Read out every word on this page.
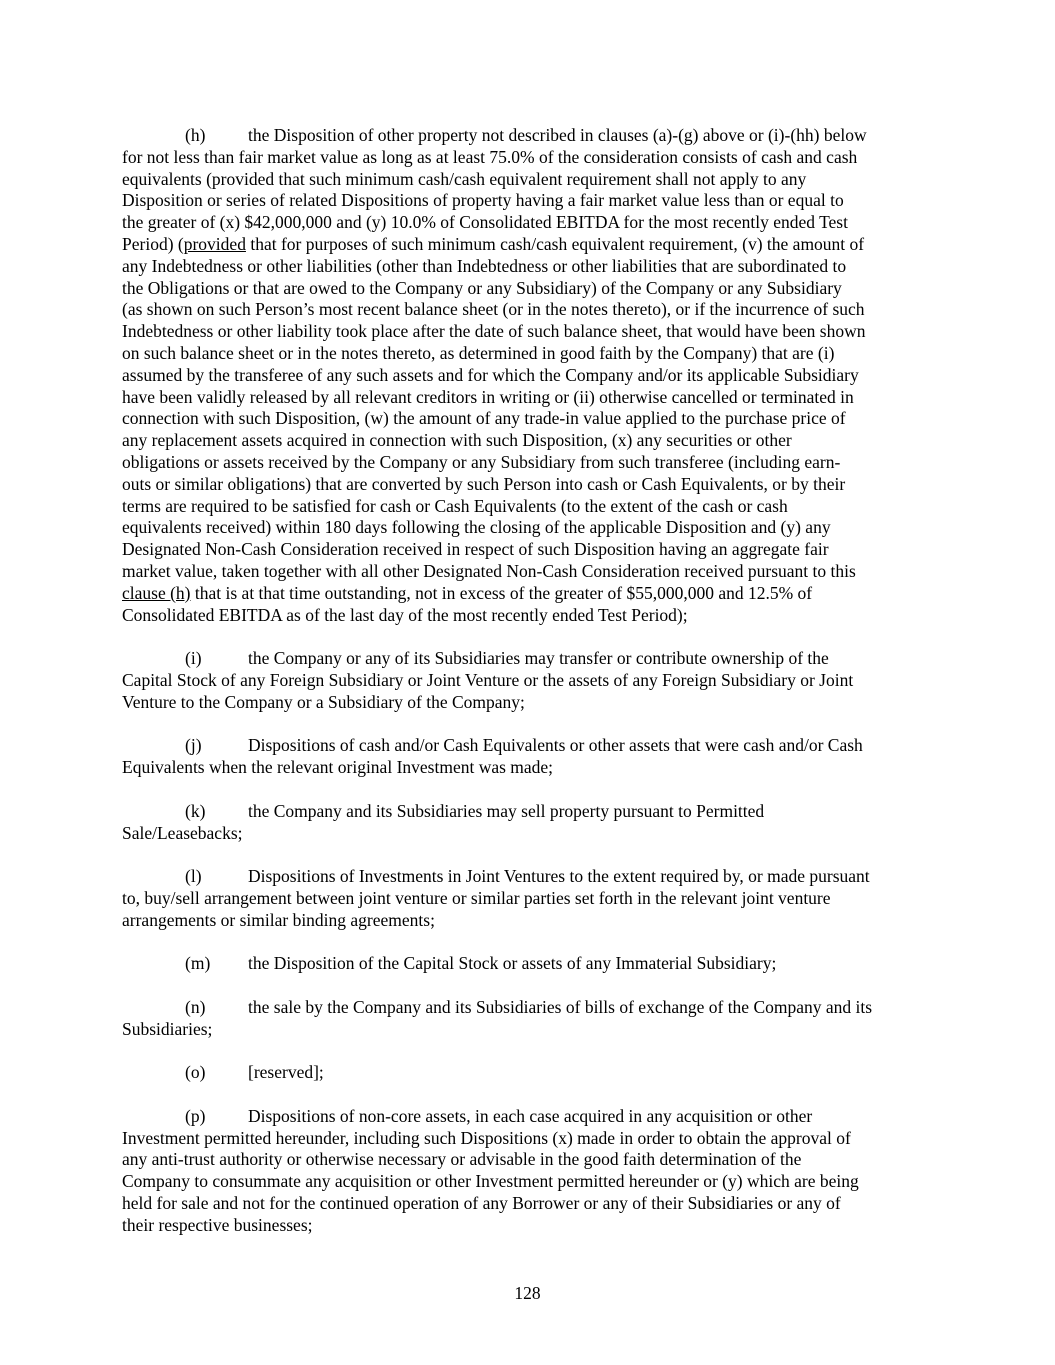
(h) the Disposition of other property not described in clauses (a)-(g) above or (i)-(hh) below
for not less than fair market value as long as at least 75.0% of the consideration consists of cash and cash
equivalents (provided that such minimum cash/cash equivalent requirement shall not apply to any
Disposition or series of related Dispositions of property having a fair market value less than or equal to
the greater of (x) $42,000,000 and (y) 10.0% of Consolidated EBITDA for the most recently ended Test
Period) (provided that for purposes of such minimum cash/cash equivalent requirement, (v) the amount of
any Indebtedness or other liabilities (other than Indebtedness or other liabilities that are subordinated to
the Obligations or that are owed to the Company or any Subsidiary) of the Company or any Subsidiary
(as shown on such Person’s most recent balance sheet (or in the notes thereto), or if the incurrence of such
Indebtedness or other liability took place after the date of such balance sheet, that would have been shown
on such balance sheet or in the notes thereto, as determined in good faith by the Company) that are (i)
assumed by the transferee of any such assets and for which the Company and/or its applicable Subsidiary
have been validly released by all relevant creditors in writing or (ii) otherwise cancelled or terminated in
connection with such Disposition, (w) the amount of any trade-in value applied to the purchase price of
any replacement assets acquired in connection with such Disposition, (x) any securities or other
obligations or assets received by the Company or any Subsidiary from such transferee (including earn-
outs or similar obligations) that are converted by such Person into cash or Cash Equivalents, or by their
terms are required to be satisfied for cash or Cash Equivalents (to the extent of the cash or cash
equivalents received) within 180 days following the closing of the applicable Disposition and (y) any
Designated Non-Cash Consideration received in respect of such Disposition having an aggregate fair
market value, taken together with all other Designated Non-Cash Consideration received pursuant to this
clause (h) that is at that time outstanding, not in excess of the greater of $55,000,000 and 12.5% of
Consolidated EBITDA as of the last day of the most recently ended Test Period);
(i)	the Company or any of its Subsidiaries may transfer or contribute ownership of the
Capital Stock of any Foreign Subsidiary or Joint Venture or the assets of any Foreign Subsidiary or Joint
Venture to the Company or a Subsidiary of the Company;
(j)	Dispositions of cash and/or Cash Equivalents or other assets that were cash and/or Cash
Equivalents when the relevant original Investment was made;
(k) the Company and its Subsidiaries may sell property pursuant to Permitted
Sale/Leasebacks;
(l)	Dispositions of Investments in Joint Ventures to the extent required by, or made pursuant
to, buy/sell arrangement between joint venture or similar parties set forth in the relevant joint venture
arrangements or similar binding agreements;
(m) the Disposition of the Capital Stock or assets of any Immaterial Subsidiary;
(n) the sale by the Company and its Subsidiaries of bills of exchange of the Company and its
Subsidiaries;
(o) [reserved];
(p) Dispositions of non-core assets, in each case acquired in any acquisition or other
Investment permitted hereunder, including such Dispositions (x) made in order to obtain the approval of
any anti-trust authority or otherwise necessary or advisable in the good faith determination of the
Company to consummate any acquisition or other Investment permitted hereunder or (y) which are being
held for sale and not for the continued operation of any Borrower or any of their Subsidiaries or any of
their respective businesses;
128
